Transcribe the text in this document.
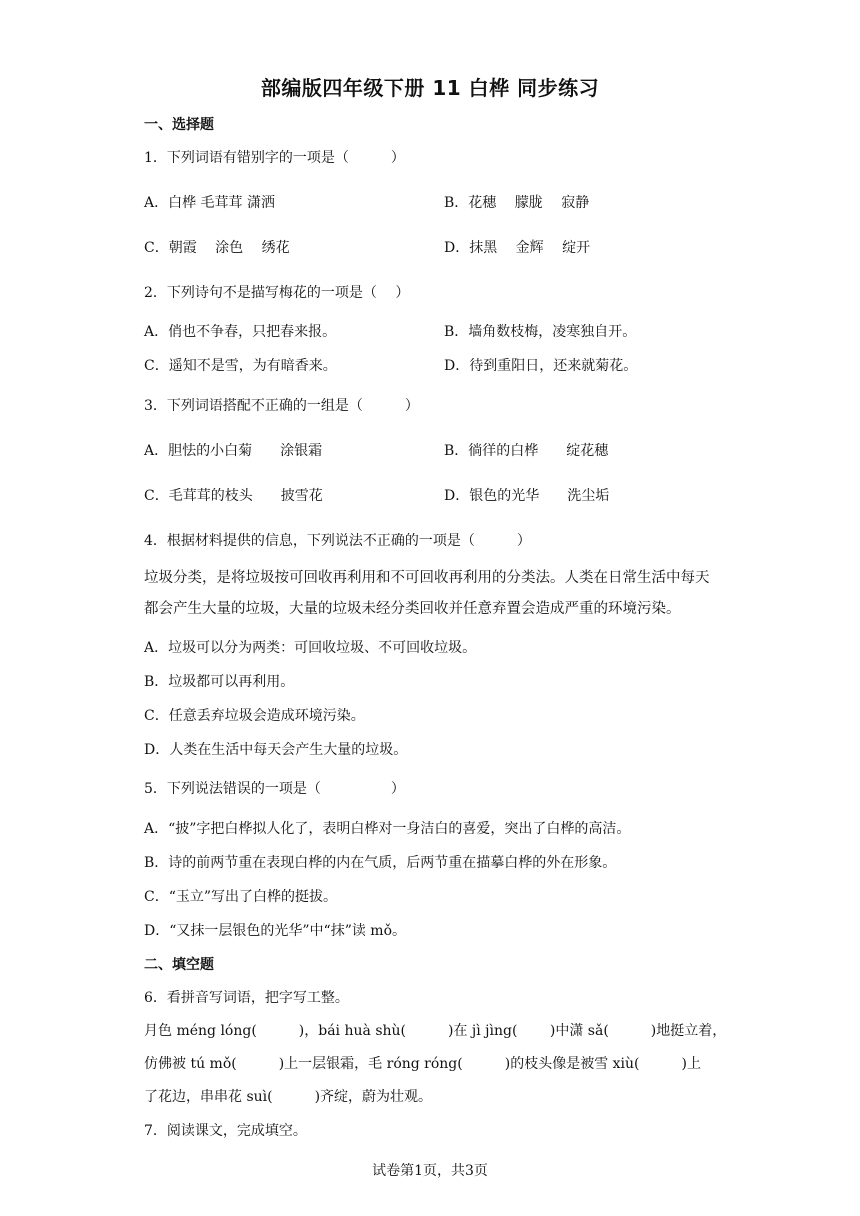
部编版四年级下册 11 白桦 同步练习
一、选择题
1．下列词语有错别字的一项是（　　　）
A．白桦 毛茸茸 潇洒	B．花穗　 朦胧　 寂静
C．朝霞　 涂色　 绣花	D．抹黑　 金辉　 绽开
2．下列诗句不是描写梅花的一项是（　 ）
A．俏也不争春，只把春来报。	B．墙角数枝梅，凌寒独自开。
C．遥知不是雪，为有暗香来。	D．待到重阳日，还来就菊花。
3．下列词语搭配不正确的一组是（　　　）
A．胆怯的小白菊　　涂银霜	B．徜徉的白桦　　绽花穗
C．毛茸茸的枝头　　披雪花	D．银色的光华　　洗尘垢
4．根据材料提供的信息，下列说法不正确的一项是（　　　）
垃圾分类，是将垃圾按可回收再利用和不可回收再利用的分类法。人类在日常生活中每天都会产生大量的垃圾，大量的垃圾未经分类回收并任意弃置会造成严重的环境污染。
A．垃圾可以分为两类：可回收垃圾、不可回收垃圾。
B．垃圾都可以再利用。
C．任意丢弃垃圾会造成环境污染。
D．人类在生活中每天会产生大量的垃圾。
5．下列说法错误的一项是（　　　　　）
A．“披”字把白桦拟人化了，表明白桦对一身洁白的喜爱，突出了白桦的高洁。
B．诗的前两节重在表现白桦的内在气质，后两节重在描摹白桦的外在形象。
C．“玉立”写出了白桦的挺拔。
D．“又抹一层银色的光华”中“抹”读 mǒ。
二、填空题
6．看拼音写词语，把字写工整。
月色 méng lóng(　　　)，bái huà shù(　　　)在 jì jìng(　　 )中潇 sǎ(　　　)地挺立着，
仿佛被 tú mǒ(　　　)上一层银霜，毛 róng róng(　　　)的枝头像是被雪 xiù(　　　)上
了花边，串串花 suì(　　　)齐绽，蔚为壮观。
7．阅读课文，完成填空。
试卷第1页，共3页
